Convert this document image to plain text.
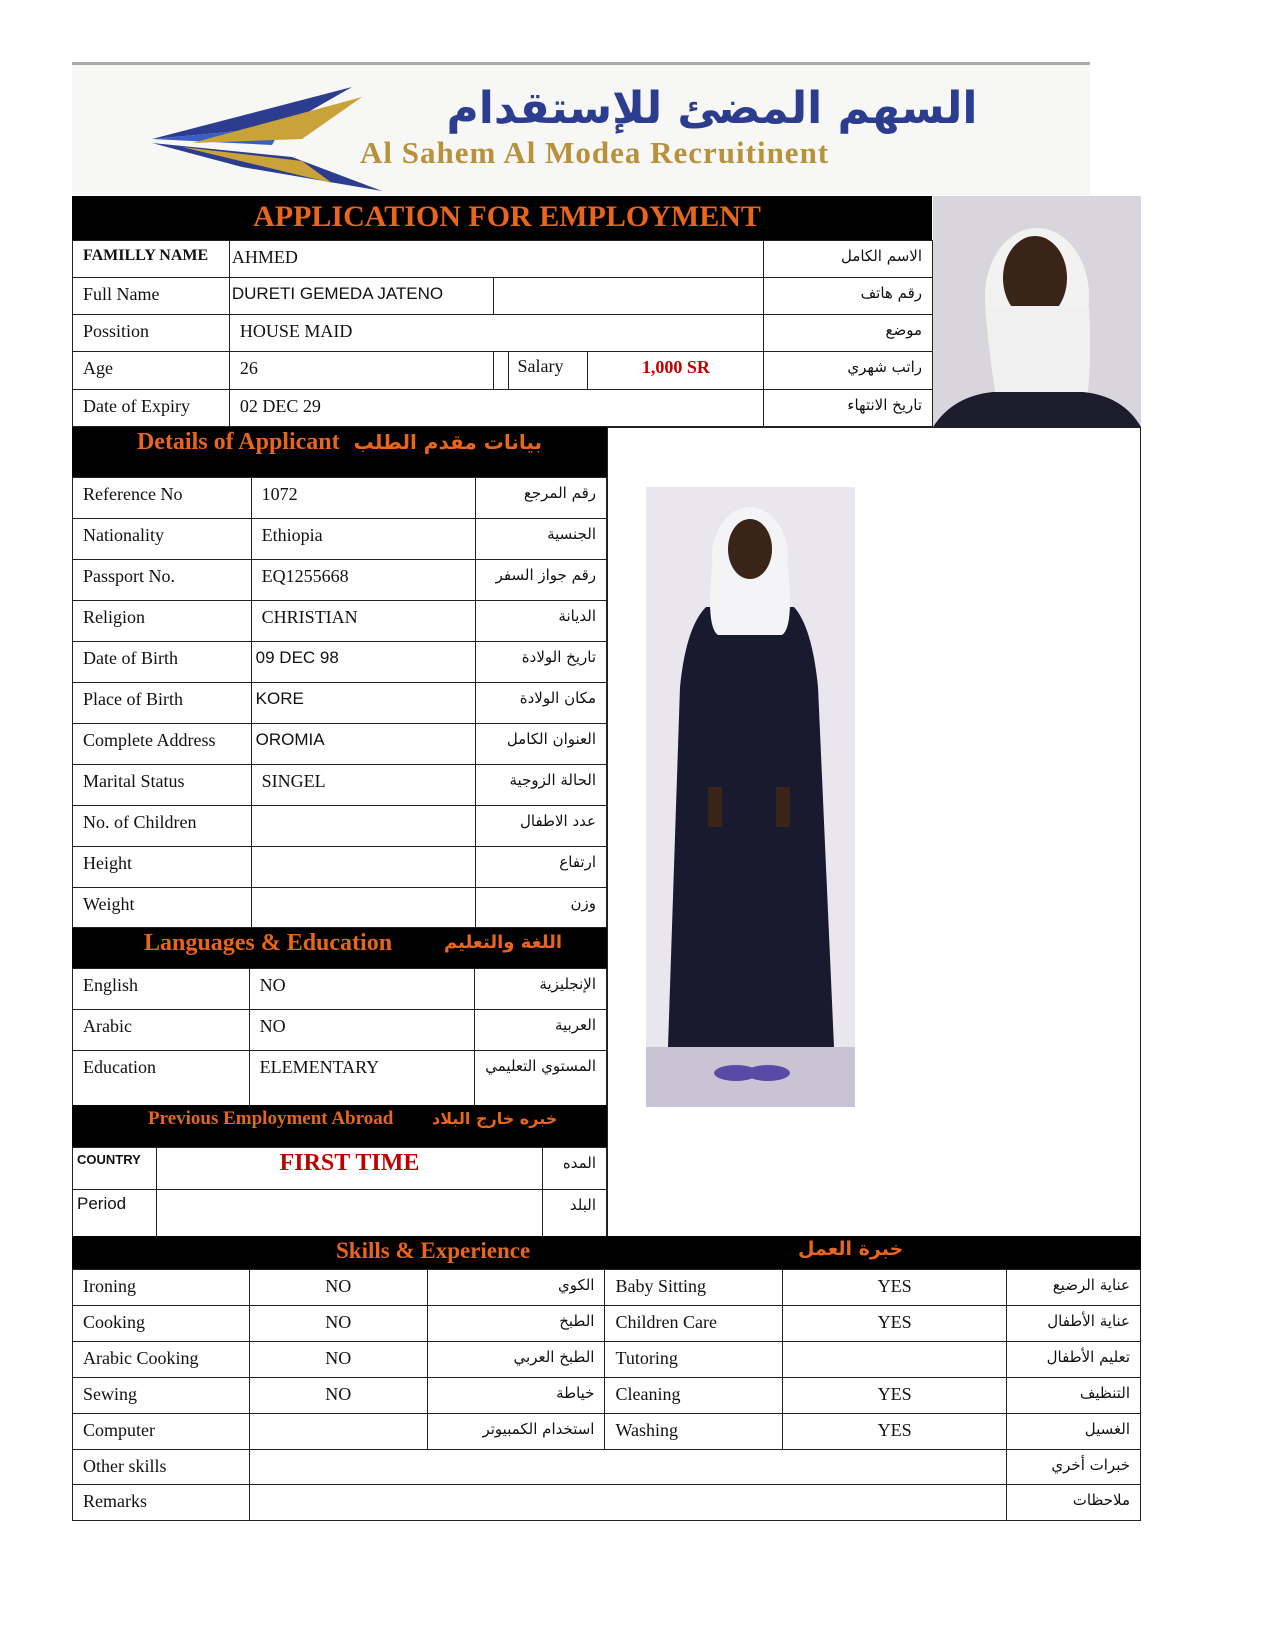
السهم المضئ للإستقدام
Al Sahem Al Modea Recruitinent
APPLICATION FOR EMPLOYMENT
FAMILLY NAME	AHMED		الاسم الكامل
Full Name	DURETI GEMEDA JATENO		رقم هاتف
Possition	HOUSE MAID		موضع
Age	26	Salary 1,000 SR	راتب شهري
Date of Expiry	02 DEC 29		تاريخ الانتهاء
Details of Applicant بيانات مقدم الطلب
Reference No	1072	رقم المرجع
Nationality	Ethiopia	الجنسية
Passport No.	EQ1255668	رقم جواز السفر
Religion	CHRISTIAN	الديانة
Date of Birth	09 DEC 98	تاريخ الولادة
Place of Birth	KORE	مكان الولادة
Complete Address	OROMIA	العنوان الكامل
Marital Status	SINGEL	الحالة الزوجية
No. of Children		عدد الاطفال
Height		ارتفاع
Weight		وزن
Languages & Education	اللغة والتعليم
English	NO	الإنجليزية
Arabic	NO	العربية
Education	ELEMENTARY	المستوي التعليمي
Previous Employment Abroad خبره خارج البلاد
COUNTRY	FIRST TIME	المده
Period		البلد
Skills & Experience	خبرة العمل
Ironing	NO	الكوي	Baby Sitting	YES	عناية الرضيع
Cooking	NO	الطبخ	Children Care	YES	عناية الأطفال
Arabic Cooking	NO	الطبخ العربي	Tutoring		تعليم الأطفال
Sewing	NO	خياطة	Cleaning	YES	التنظيف
Computer		استخدام الكمبيوتر	Washing	YES	الغسيل
Other skills					خبرات أخري
Remarks					ملاحظات
